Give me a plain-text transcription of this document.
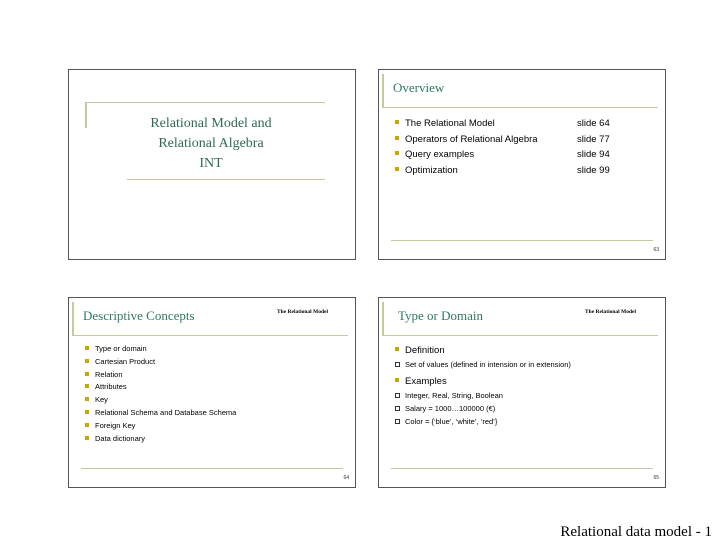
Relational Model and
Relational Algebra
INT
Overview
The Relational Model	slide 64
Operators of Relational Algebra	slide 77
Query examples	slide 94
Optimization	slide 99
63
Descriptive Concepts	The Relational Model
Type or domain
Cartesian Product
Relation
Attributes
Key
Relational Schema and Database Schema
Foreign Key
Data dictionary
64
Type or Domain	The Relational Model
Definition
Set of values (defined in intension or in extension)
Examples
Integer, Real, String, Boolean
Salary = 1000…100000 (€)
Color = {‘blue’, ‘white’, ‘red’}
65
Relational data model - 1
